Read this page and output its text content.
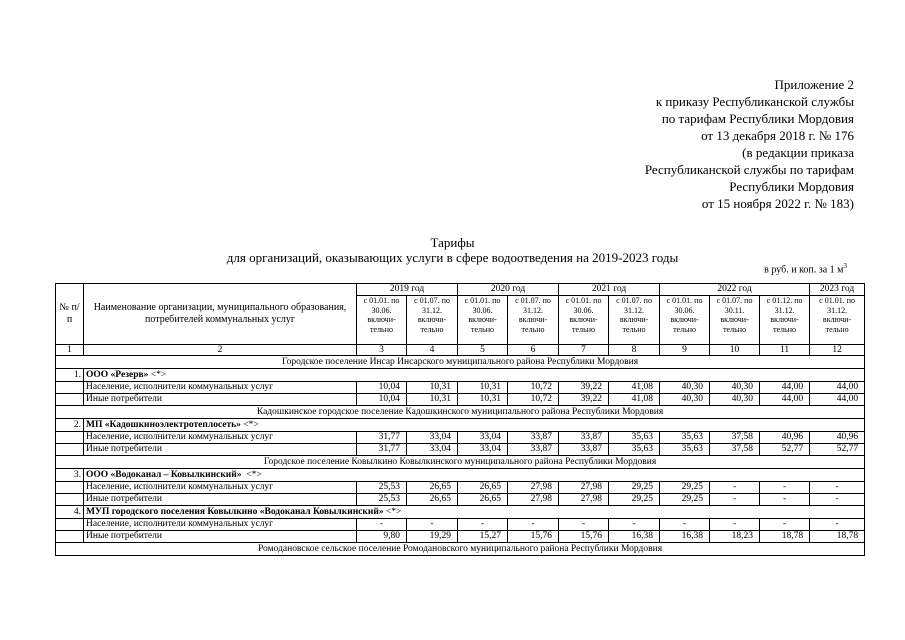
Приложение 2
к приказу Республиканской службы
по тарифам Республики Мордовия
от 13 декабря 2018 г. № 176
(в редакции приказа
Республиканской службы по тарифам
Республики Мордовия
от 15 ноября 2022 г. № 183)
Тарифы
для организаций, оказывающих услуги в сфере водоотведения на 2019-2023 годы
в руб. и коп. за 1 $м^3$
№ п/п	Наименование организации, муниципального образования, потребителей коммунальных услуг	2019 год		2020 год		2021 год		2022 год			2023 год
		с 01.01. по 30.06. включи-тельно	с 01.07. по 31.12. включи-тельно	с 01.01. по 30.06. включи-тельно	с 01.07. по 31.12. включи-тельно	с 01.01. по 30.06. включи-тельно	с 01.07. по 31.12. включи-тельно	с 01.01. по 30.06. включи-тельно	с 01.07. по 30.11. включи-тельно	с 01.12. по 31.12. включи-тельно	с 01.01. по 31.12. включи-тельно
1	2	3	4	5	6	7	8	9	10	11	12
Городское поселение Инсар Инсарского муниципального района Республики Мордовия											
1.	ООО «Резерв» <*>										
	Население, исполнители коммунальных услуг	10,04	10,31	10,31	10,72	39,22	41,08	40,30	40,30	44,00	44,00
	Иные потребители	10,04	10,31	10,31	10,72	39,22	41,08	40,30	40,30	44,00	44,00
Кадошкинское городское поселение Кадошкинского муниципального района Республики Мордовия											
2.	МП «Кадошкиноэлектротеплосеть» <*>										
	Население, исполнители коммунальных услуг	31,77	33,04	33,04	33,87	33,87	35,63	35,63	37,58	40,96	40,96
	Иные потребители	31,77	33,04	33,04	33,87	33,87	35,63	35,63	37,58	52,77	52,77
Городское поселение Ковылкино Ковылкинского муниципального района Республики Мордовия											
3.	ООО «Водоканал – Ковылкинский»  <*>										
	Население, исполнители коммунальных услуг	25,53	26,65	26,65	27,98	27,98	29,25	29,25	-	-	-
	Иные потребители	25,53	26,65	26,65	27,98	27,98	29,25	29,25	-	-	-
4.	МУП городского поселения Ковылкино «Водоканал Ковылкинский» <*>										
	Население, исполнители коммунальных услуг	-	-	-	-	-	-	-	-	-	-
	Иные потребители	9,80	19,29	15,27	15,76	15,76	16,38	16,38	18,23	18,78	18,78
Ромодановское сельское поселение Ромодановского муниципального района Республики Мордовия											
